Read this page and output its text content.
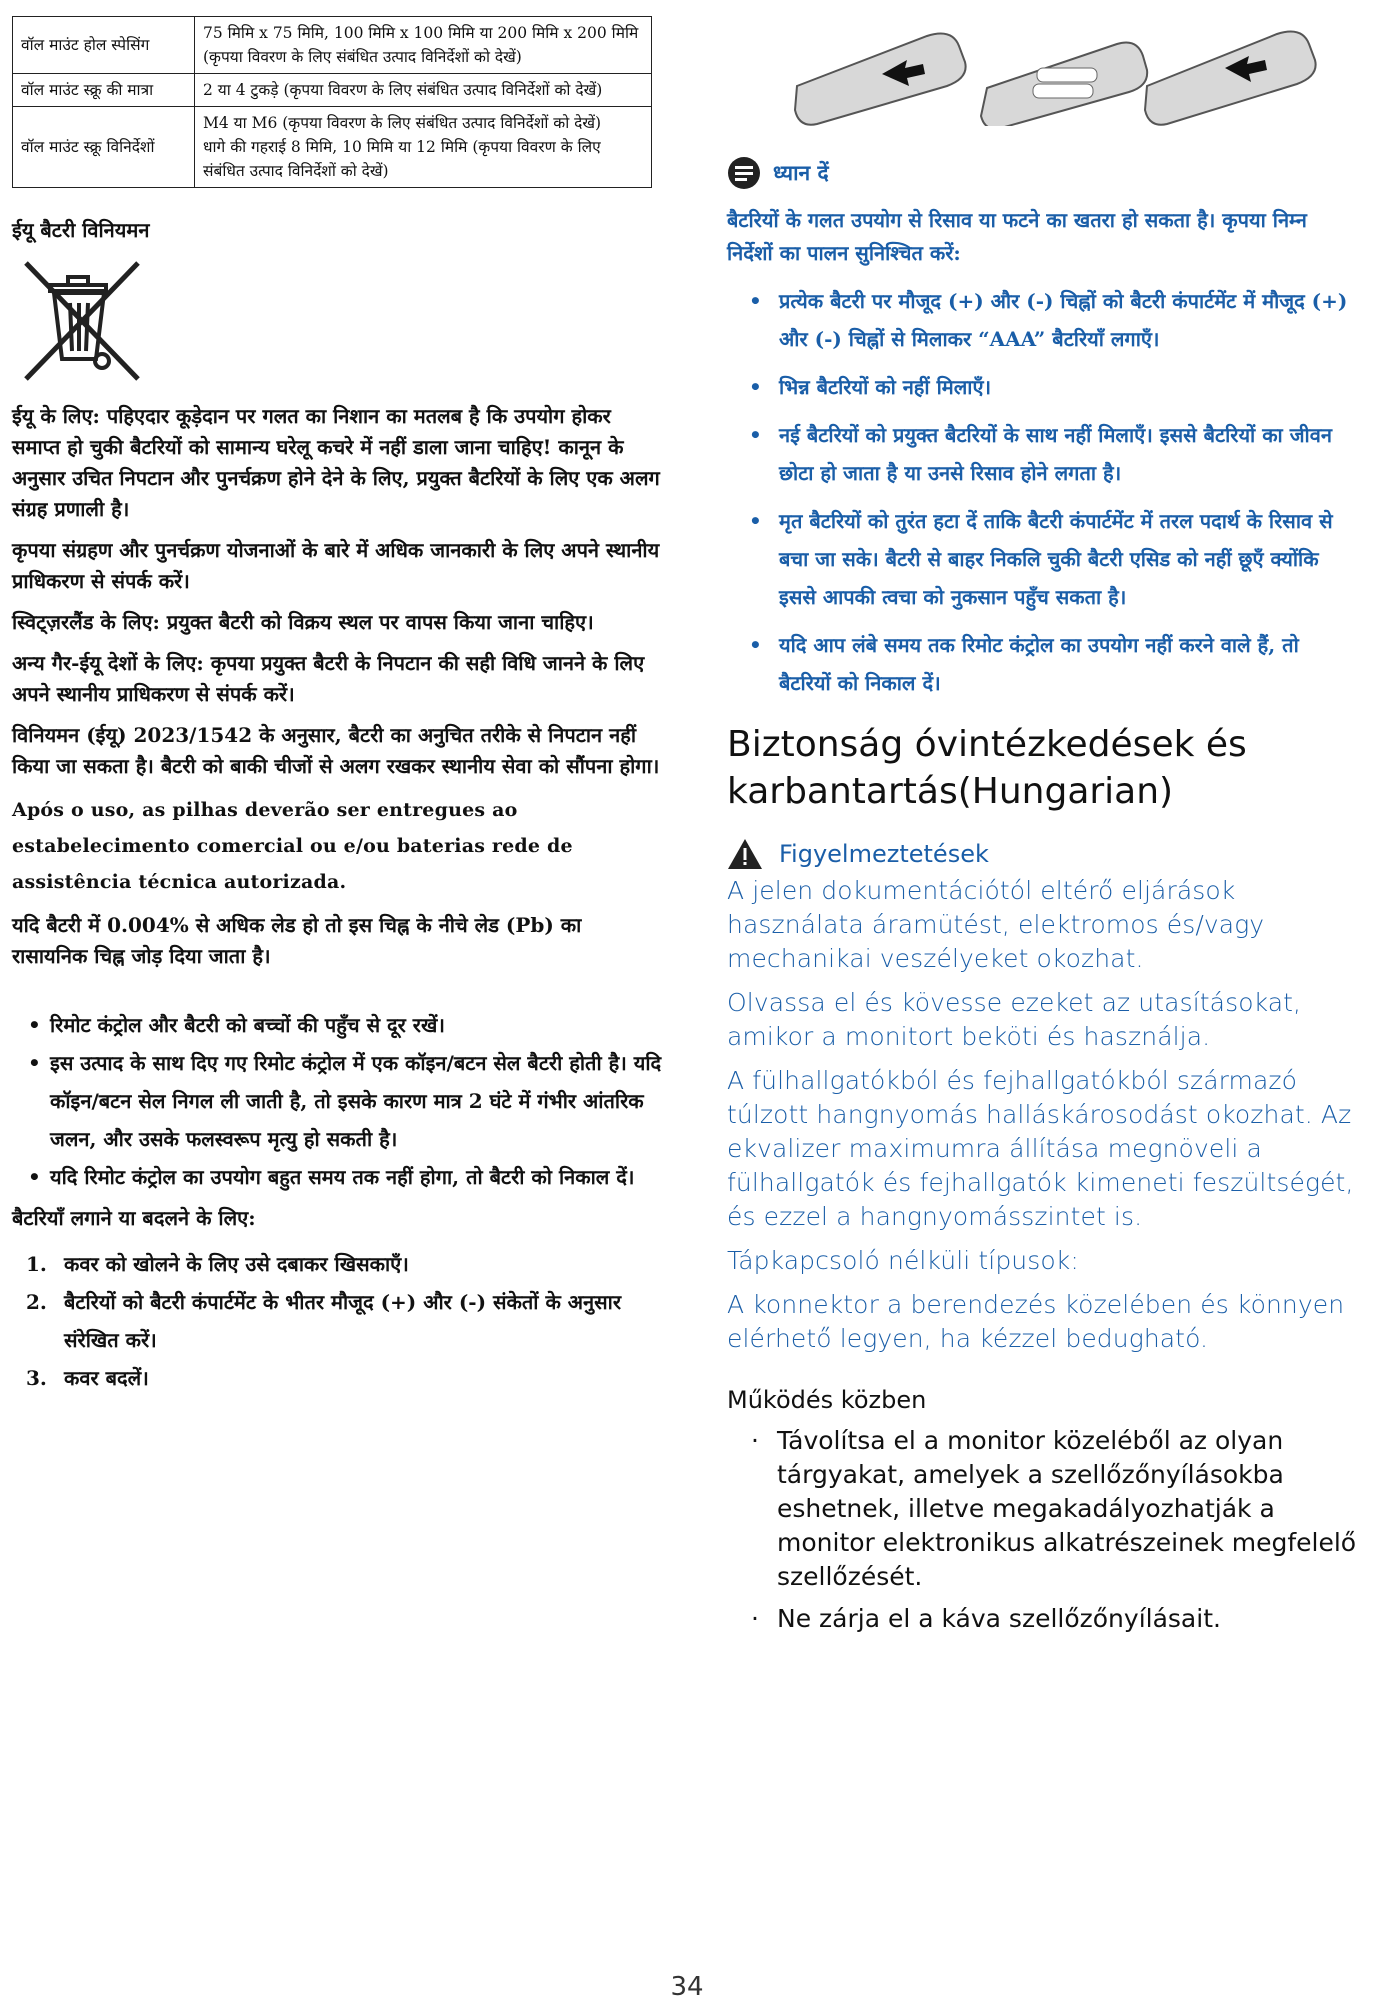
वॉल माउंट होल स्पेसिंग	75 मिमि x 75 मिमि, 100 मिमि x 100 मिमि या 200 मिमि x 200 मिमि (कृपया विवरण के लिए संबंधित उत्पाद विनिर्देशों को देखें)

वॉल माउंट स्क्रू की मात्रा	2 या 4 टुकड़े (कृपया विवरण के लिए संबंधित उत्पाद विनिर्देशों को देखें)

वॉल माउंट स्क्रू विनिर्देशों	M4 या M6 (कृपया विवरण के लिए संबंधित उत्पाद विनिर्देशों को देखें)
धागे की गहराई 8 मिमि, 10 मिमि या 12 मिमि (कृपया विवरण के लिए संबंधित उत्पाद विनिर्देशों को देखें)
ईयू बैटरी विनियमन

ईयू के लिए: पहिएदार कूड़ेदान पर गलत का निशान का मतलब है कि उपयोग होकर समाप्त हो चुकी बैटरियों को सामान्य घरेलू कचरे में नहीं डाला जाना चाहिए! कानून के अनुसार उचित निपटान और पुनर्चक्रण होने देने के लिए, प्रयुक्त बैटरियों के लिए एक अलग संग्रह प्रणाली है।

कृपया संग्रहण और पुनर्चक्रण योजनाओं के बारे में अधिक जानकारी के लिए अपने स्थानीय प्राधिकरण से संपर्क करें।

स्विट्ज़रलैंड के लिए: प्रयुक्त बैटरी को विक्रय स्थल पर वापस किया जाना चाहिए।

अन्य गैर-ईयू देशों के लिए: कृपया प्रयुक्त बैटरी के निपटान की सही विधि जानने के लिए अपने स्थानीय प्राधिकरण से संपर्क करें।

विनियमन (ईयू) 2023/1542 के अनुसार, बैटरी का अनुचित तरीके से निपटान नहीं किया जा सकता है। बैटरी को बाकी चीजों से अलग रखकर स्थानीय सेवा को सौंपना होगा।

Após o uso, as pilhas deverão ser entregues ao estabelecimento comercial ou e/ou baterias rede de assistência técnica autorizada.

यदि बैटरी में 0.004% से अधिक लेड हो तो इस चिह्न के नीचे लेड (Pb) का रासायनिक चिह्न जोड़ दिया जाता है।

• रिमोट कंट्रोल और बैटरी को बच्चों की पहुँच से दूर रखें।
• इस उत्पाद के साथ दिए गए रिमोट कंट्रोल में एक कॉइन/बटन सेल बैटरी होती है। यदि कॉइन/बटन सेल निगल ली जाती है, तो इसके कारण मात्र 2 घंटे में गंभीर आंतरिक जलन, और उसके फलस्वरूप मृत्यु हो सकती है।
• यदि रिमोट कंट्रोल का उपयोग बहुत समय तक नहीं होगा, तो बैटरी को निकाल दें।
बैटरियाँ लगाने या बदलने के लिए:
1. कवर को खोलने के लिए उसे दबाकर खिसकाएँ।
2. बैटरियों को बैटरी कंपार्टमेंट के भीतर मौजूद (+) और (-) संकेतों के अनुसार संरेखित करें।
3. कवर बदलें।
ध्यान दें

बैटरियों के गलत उपयोग से रिसाव या फटने का खतरा हो सकता है। कृपया निम्न निर्देशों का पालन सुनिश्चित करें:

• प्रत्येक बैटरी पर मौजूद (+) और (-) चिह्नों को बैटरी कंपार्टमेंट में मौजूद (+) और (-) चिह्नों से मिलाकर “AAA” बैटरियाँ लगाएँ।
• भिन्न बैटरियों को नहीं मिलाएँ।
• नई बैटरियों को प्रयुक्त बैटरियों के साथ नहीं मिलाएँ। इससे बैटरियों का जीवन छोटा हो जाता है या उनसे रिसाव होने लगता है।
• मृत बैटरियों को तुरंत हटा दें ताकि बैटरी कंपार्टमेंट में तरल पदार्थ के रिसाव से बचा जा सके। बैटरी से बाहर निकलि चुकी बैटरी एसिड को नहीं छूएँ क्योंकि इससे आपकी त्वचा को नुकसान पहुँच सकता है।
• यदि आप लंबे समय तक रिमोट कंट्रोल का उपयोग नहीं करने वाले हैं, तो बैटरियों को निकाल दें।
Biztonság óvintézkedések és karbantartás(Hungarian)
Figyelmeztetések

A jelen dokumentációtól eltérő eljárások használata áramütést, elektromos és/vagy mechanikai veszélyeket okozhat.

Olvassa el és kövesse ezeket az utasításokat, amikor a monitort beköti és használja.

A fülhallgatókból és fejhallgatókból származó túlzott hangnyomás halláskárosodást okozhat. Az ekvalizer maximumra állítása megnöveli a fülhallgatók és fejhallgatók kimeneti feszültségét, és ezzel a hangnyomásszintet is.

Tápkapcsoló nélküli típusok:

A konnektor a berendezés közelében és könnyen elérhető legyen, ha kézzel bedugható.

Működés közben
· Távolítsa el a monitor közeléből az olyan tárgyakat, amelyek a szellőzőnyílásokba eshetnek, illetve megakadályozhatják a monitor elektronikus alkatrészeinek megfelelő szellőzését.
· Ne zárja el a káva szellőzőnyílásait.
34
